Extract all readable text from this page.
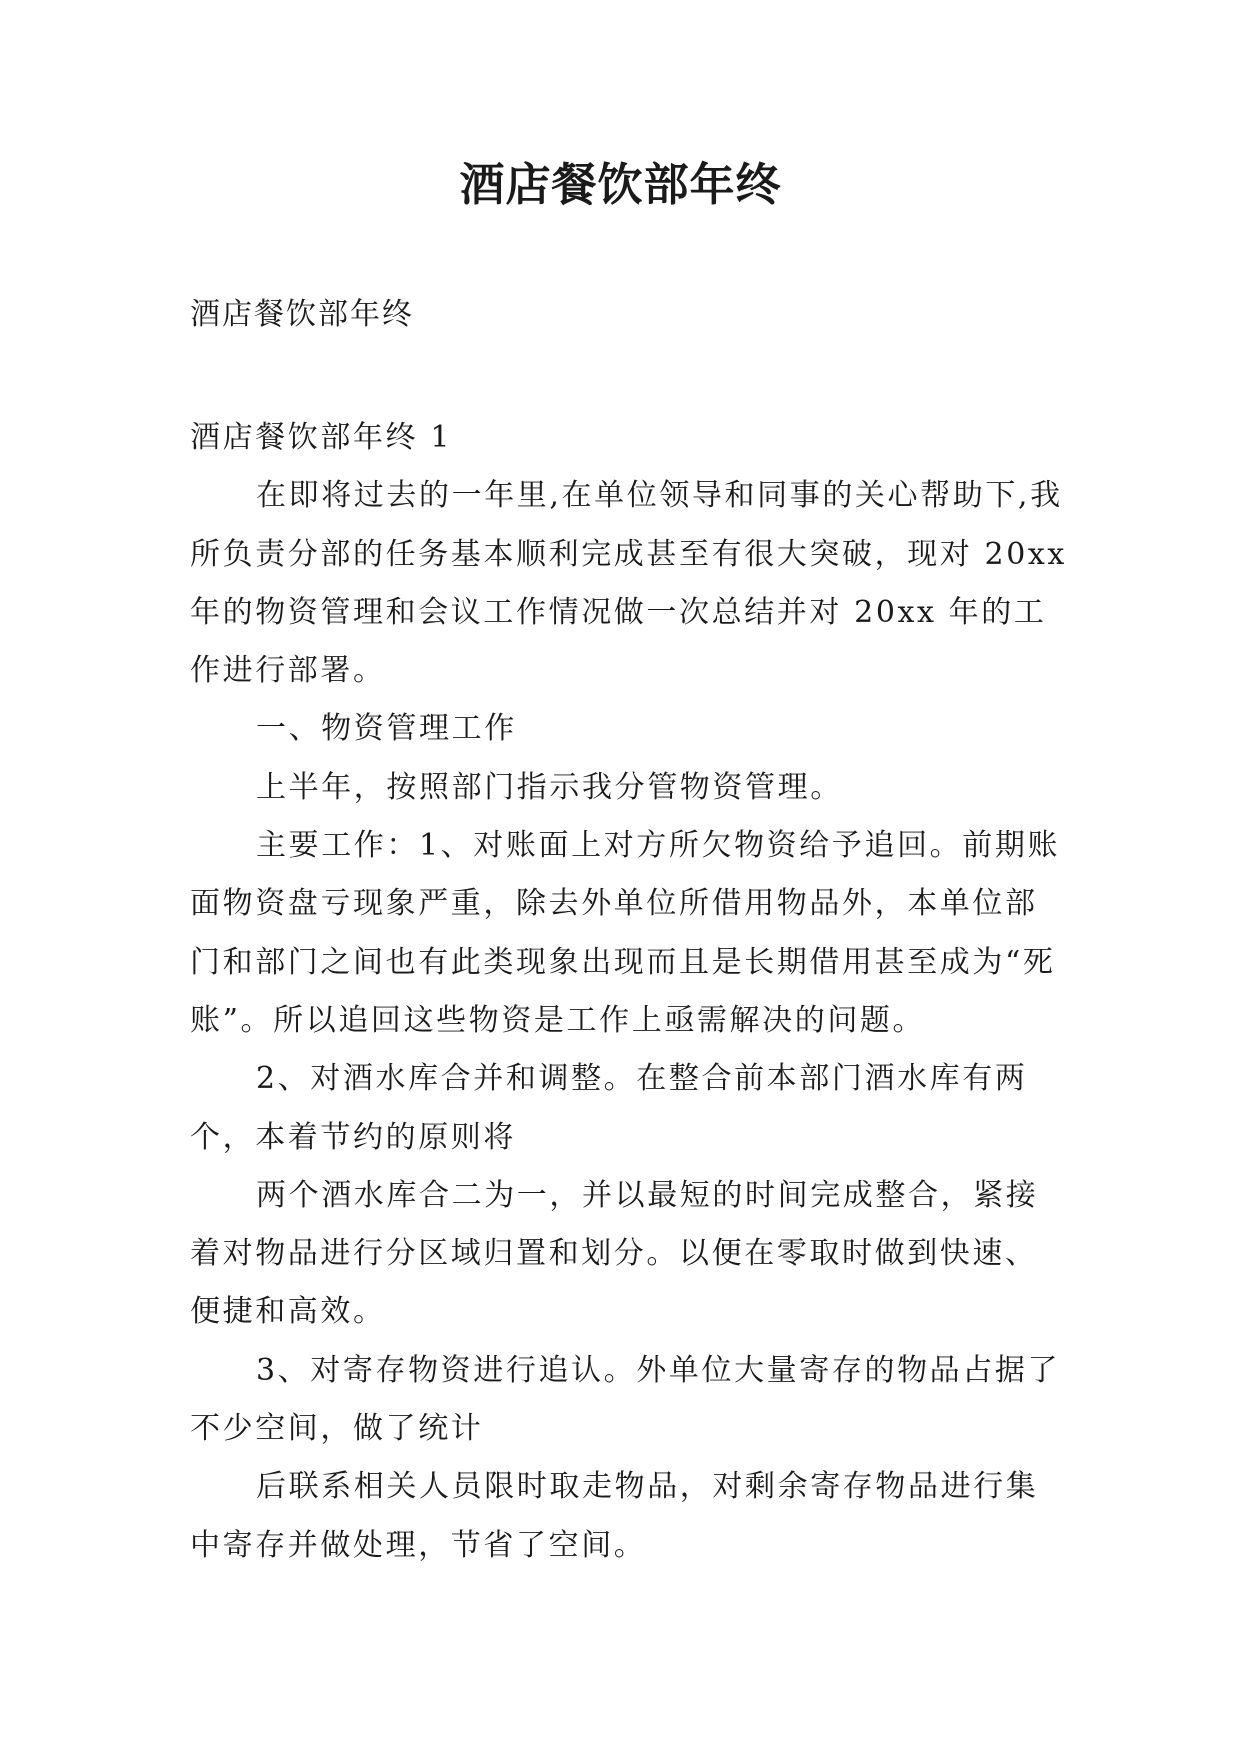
酒店餐饮部年终
酒店餐饮部年终

酒店餐饮部年终 1

在即将过去的一年里,在单位领导和同事的关心帮助下,我所负责分部的任务基本顺利完成甚至有很大突破，现对 20xx 年的物资管理和会议工作情况做一次总结并对 20xx 年的工作进行部署。

一、物资管理工作

上半年，按照部门指示我分管物资管理。

主要工作：1、对账面上对方所欠物资给予追回。前期账面物资盘亏现象严重，除去外单位所借用物品外，本单位部门和部门之间也有此类现象出现而且是长期借用甚至成为“死账”。所以追回这些物资是工作上亟需解决的问题。

2、对酒水库合并和调整。在整合前本部门酒水库有两个，本着节约的原则将

两个酒水库合二为一，并以最短的时间完成整合，紧接着对物品进行分区域归置和划分。以便在零取时做到快速、便捷和高效。

3、对寄存物资进行追认。外单位大量寄存的物品占据了不少空间，做了统计

后联系相关人员限时取走物品，对剩余寄存物品进行集中寄存并做处理，节省了空间。
